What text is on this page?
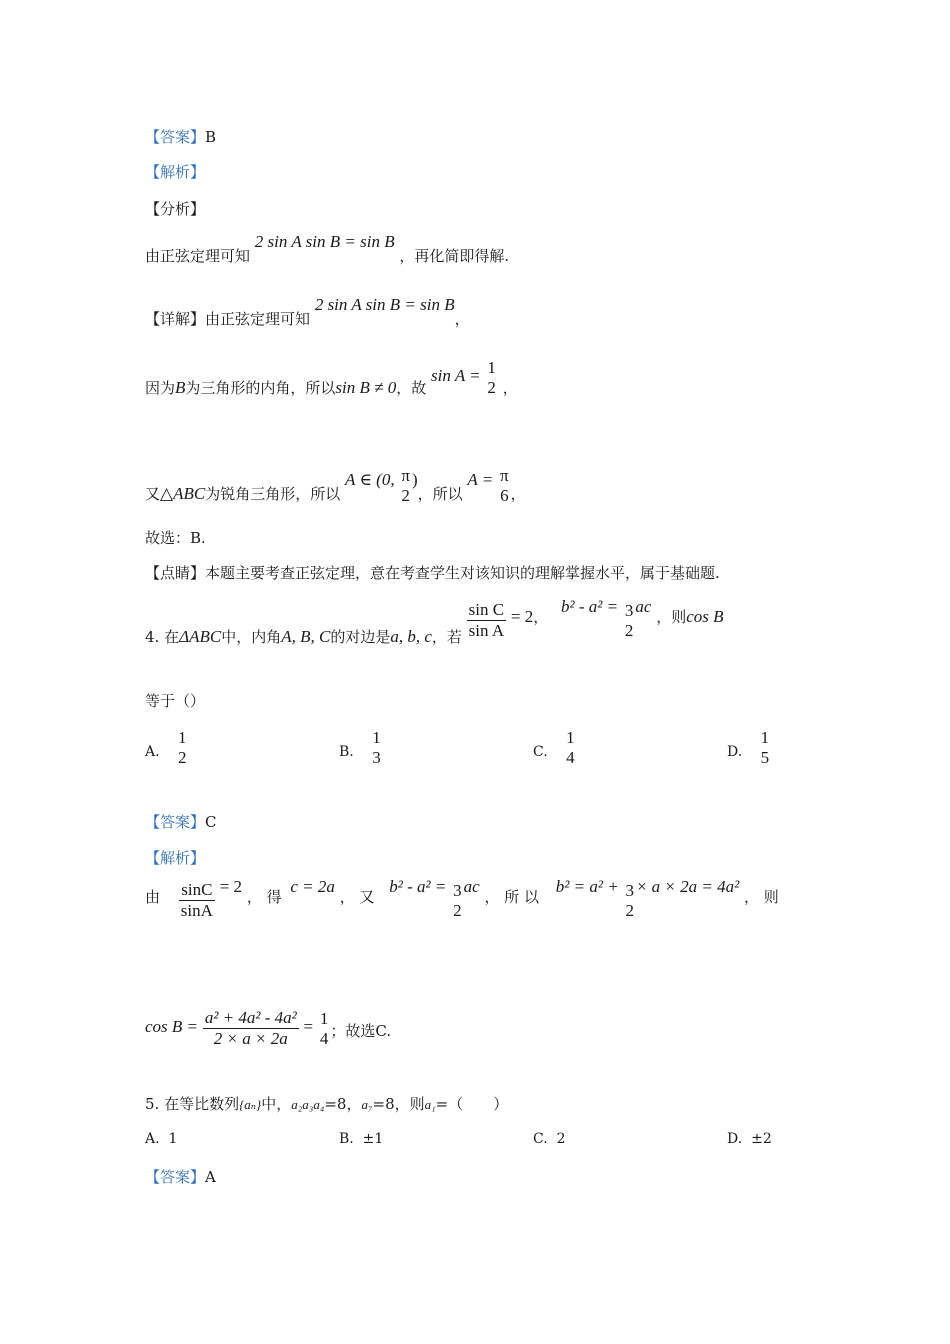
【答案】B
【解析】
【分析】
由正弦定理可知 2 sin A sin B = sin B ，再化简即得解.
【详解】由正弦定理可知 2 sin A sin B = sin B，
因为B为三角形的内角，所以sin B ≠ 0，故 sin A = 1
2 ，
又△ABC为锐角三角形，所以 A ∈ (0, π
2
)，所以 A = π
6 ，
故选：B.
【点睛】本题主要考查正弦定理，意在考查学生对该知识的理解掌握水平，属于基础题.
4. 在ΔABC中，内角A, B, C的对边是a, b, c，若 $\frac{\text{sin C}}{\text{sin A}} = 2$， b² - a² = 3
2
ac ，则cos B
等于（）
A.
1
2	B.
1
3	C.
1
4	D.
1
5
【答案】C
【解析】
由 $\frac{\sin C}{\sin A} = 2$ ， 得 c = 2a ， 又 b² - a² = 3
2
ac ， 所 以 b² = a² + 3
2
× a × 2a = 4a² ， 则
$\cos B = \frac{\text{a² + 4a² - 4a²}}{2 \times a \times 2a} = 1$
4 ；故选C.
5. 在等比数列{aₙ}中，a₂a₃a₄=8，a₇=8，则a₁=（　　）
A. 1	B. ±1	C. 2	D. ±2
【答案】A
